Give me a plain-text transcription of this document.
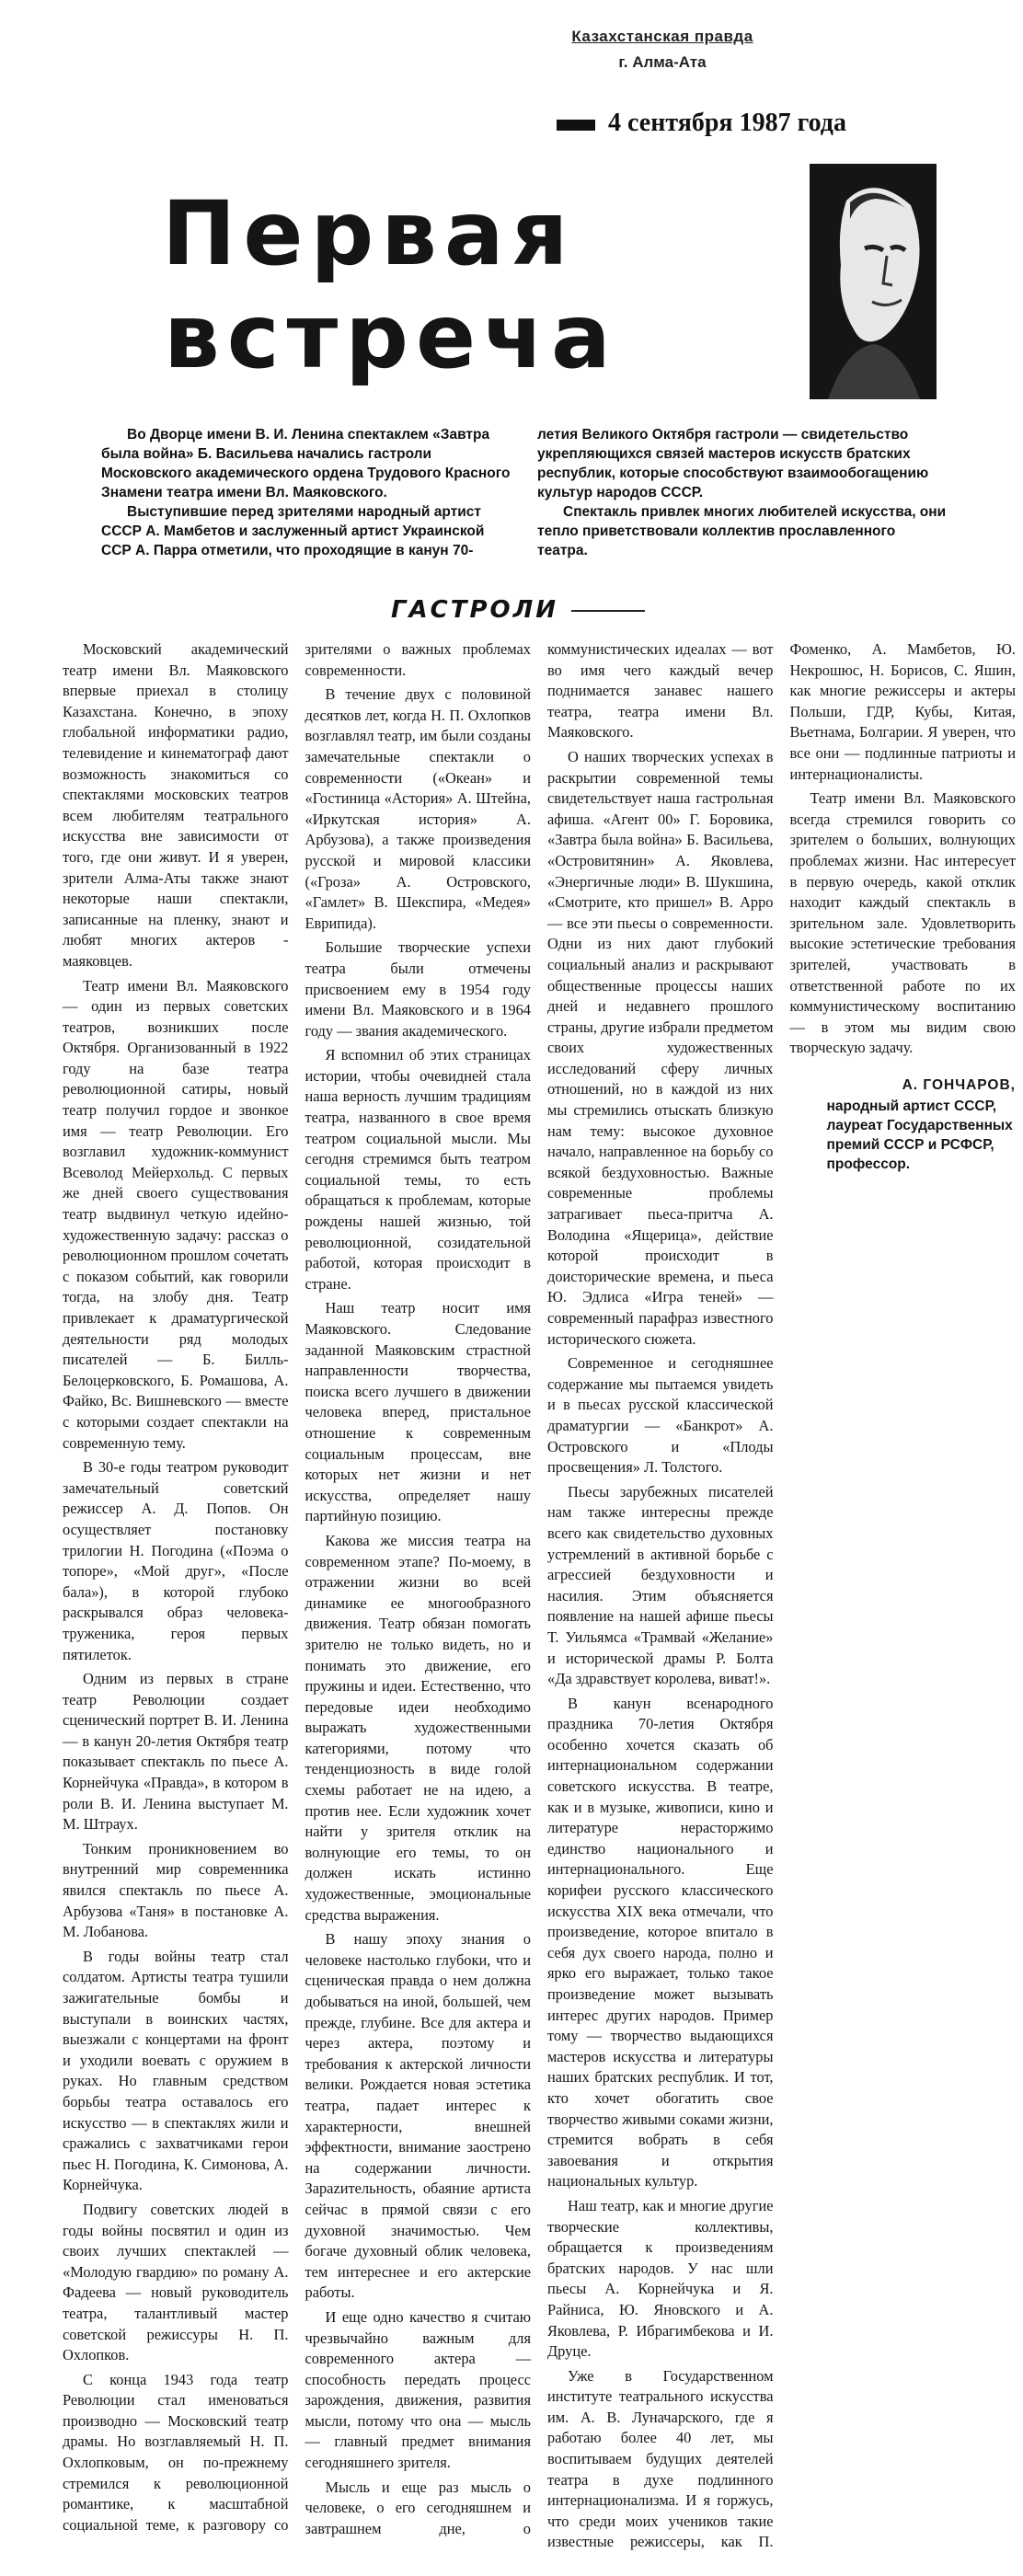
Казахстанская правда
г. Алма-Ата
4 сентября 1987 года
Первая
встреча

Во Дворце имени В. И. Ленина спектаклем «Завтра была война» Б. Васильева начались гастроли Московского академического ордена Трудового Красного Знамени театра имени Вл. Маяковского.

Выступившие перед зрителями народный артист СССР А. Мамбетов и заслуженный артист Украинской ССР А. Парра отметили, что проходящие в канун 70-летия Великого Октября гастроли — свидетельство укрепляющихся связей мастеров искусств братских республик, которые способствуют взаимообогащению культур народов СССР.

Спектакль привлек многих любителей искусства, они тепло приветствовали коллектив прославленного театра.

ГАСТРОЛИ

Московский академический театр имени Вл. Маяковского впервые приехал в столицу Казахстана. Конечно, в эпоху глобальной информатики радио, телевидение и кинематограф дают возможность знакомиться со спектаклями московских театров всем любителям театрального искусства вне зависимости от того, где они живут. И я уверен, зрители Алма-Аты также знают некоторые наши спектакли, записанные на пленку, знают и любят многих актеров - маяковцев.

Театр имени Вл. Маяковского — один из первых советских театров, возникших после Октября. Организованный в 1922 году на базе театра революционной сатиры, новый театр получил гордое и звонкое имя — театр Революции. Его возглавил художник-коммунист Всеволод Мейерхольд. С первых же дней своего существования театр выдвинул четкую идейно-художественную задачу: рассказ о революционном прошлом сочетать с показом событий, как говорили тогда, на злобу дня. Театр привлекает к драматургической деятельности ряд молодых писателей — Б. Билль-Белоцерковского, Б. Ромашова, А. Файко, Вс. Вишневского — вместе с которыми создает спектакли на современную тему.

В 30-е годы театром руководит замечательный советский режиссер А. Д. Попов. Он осуществляет постановку трилогии Н. Погодина («Поэма о топоре», «Мой друг», «После бала»), в которой глубоко раскрывался образ человека-труженика, героя первых пятилеток.

Одним из первых в стране театр Революции создает сценический портрет В. И. Ленина — в канун 20-летия Октября театр показывает спектакль по пьесе А. Корнейчука «Правда», в котором в роли В. И. Ленина выступает М. М. Штраух.

Тонким проникновением во внутренний мир современника явился спектакль по пьесе А. Арбузова «Таня» в постановке А. М. Лобанова.

В годы войны театр стал солдатом. Артисты театра тушили зажигательные бомбы и выступали в воинских частях, выезжали с концертами на фронт и уходили воевать с оружием в руках. Но главным средством борьбы театра оставалось его искусство — в спектаклях жили и сражались с захватчиками герои пьес Н. Погодина, К. Симонова, А. Корнейчука.

Подвигу советских людей в годы войны посвятил и один из своих лучших спектаклей — «Молодую гвардию» по роману А. Фадеева — новый руководитель театра, талантливый мастер советской режиссуры Н. П. Охлопков.

С конца 1943 года театр Революции стал именоваться производно — Московский театр драмы. Но возглавляемый Н. П. Охлопковым, он по-прежнему стремился к революционной романтике, к масштабной социальной теме, к разговору со зрителями о важных проблемах современности.

В течение двух с половиной десятков лет, когда Н. П. Охлопков возглавлял театр, им были созданы замечательные спектакли о современности («Океан» и «Гостиница «Астория» А. Штейна, «Иркутская история» А. Арбузова), а также произведения русской и мировой классики («Гроза» А. Островского, «Гамлет» В. Шекспира, «Медея» Еврипида).

Большие творческие успехи театра были отмечены присвоением ему в 1954 году имени Вл. Маяковского и в 1964 году — звания академического.

Я вспомнил об этих страницах истории, чтобы очевидней стала наша верность лучшим традициям театра, названного в свое время театром социальной мысли. Мы сегодня стремимся быть театром социальной темы, то есть обращаться к проблемам, которые рождены нашей жизнью, той революционной, созидательной работой, которая происходит в стране.

Наш театр носит имя Маяковского. Следование заданной Маяковским страстной направленности творчества, поиска всего лучшего в движении человека вперед, пристальное отношение к современным социальным процессам, вне которых нет жизни и нет искусства, определяет нашу партийную позицию.

Какова же миссия театра на современном этапе? По-моему, в отражении жизни во всей динамике ее многообразного движения. Театр обязан помогать зрителю не только видеть, но и понимать это движение, его пружины и идеи. Естественно, что передовые идеи необходимо выражать художественными категориями, потому что тенденциозность в виде голой схемы работает не на идею, а против нее. Если художник хочет найти у зрителя отклик на волнующие его темы, то он должен искать истинно художественные, эмоциональные средства выражения.

В нашу эпоху знания о человеке настолько глубоки, что и сценическая правда о нем должна добываться на иной, большей, чем прежде, глубине. Все для актера и через актера, поэтому и требования к актерской личности велики. Рождается новая эстетика театра, падает интерес к характерности, внешней эффектности, внимание заострено на содержании личности. Зарazительность, обаяние артиста сейчас в прямой связи с его духовной значимостью. Чем богаче духовный облик человека, тем интереснее и его актерские работы.

И еще одно качество я считаю чрезвычайно важным для современного актера — способность передать процесс зарождения, движения, развития мысли, потому что она — мысль — главный предмет внимания сегодняшнего зрителя.

Мысль и еще раз мысль о человеке, о его сегодняшнем и завтрашнем дне, о коммунистических идеалах — вот во имя чего каждый вечер поднимается занавес нашего театра, театра имени Вл. Маяковского.

О наших творческих успехах в раскрытии современной темы свидетельствует наша гастрольная афиша. «Агент 00» Г. Боровика, «Завтра была война» Б. Васильева, «Островитянин» А. Яковлева, «Энергичные люди» В. Шукшина, «Смотрите, кто пришел» В. Арро — все эти пьесы о современности. Одни из них дают глубокий социальный анализ и раскрывают общественные процессы наших дней и недавнего прошлого страны, другие избрали предметом своих художественных исследований сферу личных отношений, но в каждой из них мы стремились отыскать близкую нам тему: высокое духовное начало, направленное на борьбу со всякой бездуховностью. Важные современные проблемы затрагивает пьеса-притча А. Володина «Ящерица», действие которой происходит в доисторические времена, и пьеса Ю. Эдлиса «Игра теней» — современный парафраз известного исторического сюжета.

Современное и сегодняшнее содержание мы пытаемся увидеть и в пьесах русской классической драматургии — «Банкрот» А. Островского и «Плоды просвещения» Л. Толстого.

Пьесы зарубежных писателей нам также интересны прежде всего как свидетельство духовных устремлений в активной борьбе с агрессией бездуховности и насилия. Этим объясняется появление на нашей афише пьесы Т. Уильямса «Трамвай «Желание» и исторической драмы Р. Болта «Да здравствует королева, виват!».

В канун всенародного праздника 70-летия Октября особенно хочется сказать об интернациональном содержании советского искусства. В театре, как и в музыке, живописи, кино и литературе нерасторжимо единство национального и интернационального. Еще корифеи русского классического искусства XIX века отмечали, что произведение, которое впитало в себя дух своего народа, полно и ярко его выражает, только такое произведение может вызывать интерес других народов. Пример тому — творчество выдающихся мастеров искусства и литературы наших братских республик. И тот, кто хочет обогатить свое творчество живыми соками жизни, стремится вобрать в себя завоевания и открытия национальных культур.

Наш театр, как и многие другие творческие коллективы, обращается к произведениям братских народов. У нас шли пьесы А. Корнейчука и Я. Райниса, Ю. Яновского и А. Яковлева, Р. Ибрагимбекова и И. Друце.

Уже в Государственном институте театрального искусства им. А. В. Луначарского, где я работаю более 40 лет, мы воспитываем будущих деятелей театра в духе подлинного интернационализма. И я горжусь, что среди моих учеников такие известные режиссеры, как П. Фоменко, А. Мамбетов, Ю. Некрошюс, Н. Борисов, С. Яшин, как многие режиссеры и актеры Польши, ГДР, Кубы, Китая, Вьетнама, Болгарии. Я уверен, что все они — подлинные патриоты и интернационалисты.

Театр имени Вл. Маяковского всегда стремился говорить со зрителем о больших, волнующих проблемах жизни. Нас интересует в первую очередь, какой отклик находит каждый спектакль в зрительном зале. Удовлетворить высокие эстетические требования зрителей, участвовать в ответственной работе по их коммунистическому воспитанию — в этом мы видим свою творческую задачу.

А. ГОНЧАРОВ,
народный артист СССР, лауреат Государственных премий СССР и РСФСР, профессор.
